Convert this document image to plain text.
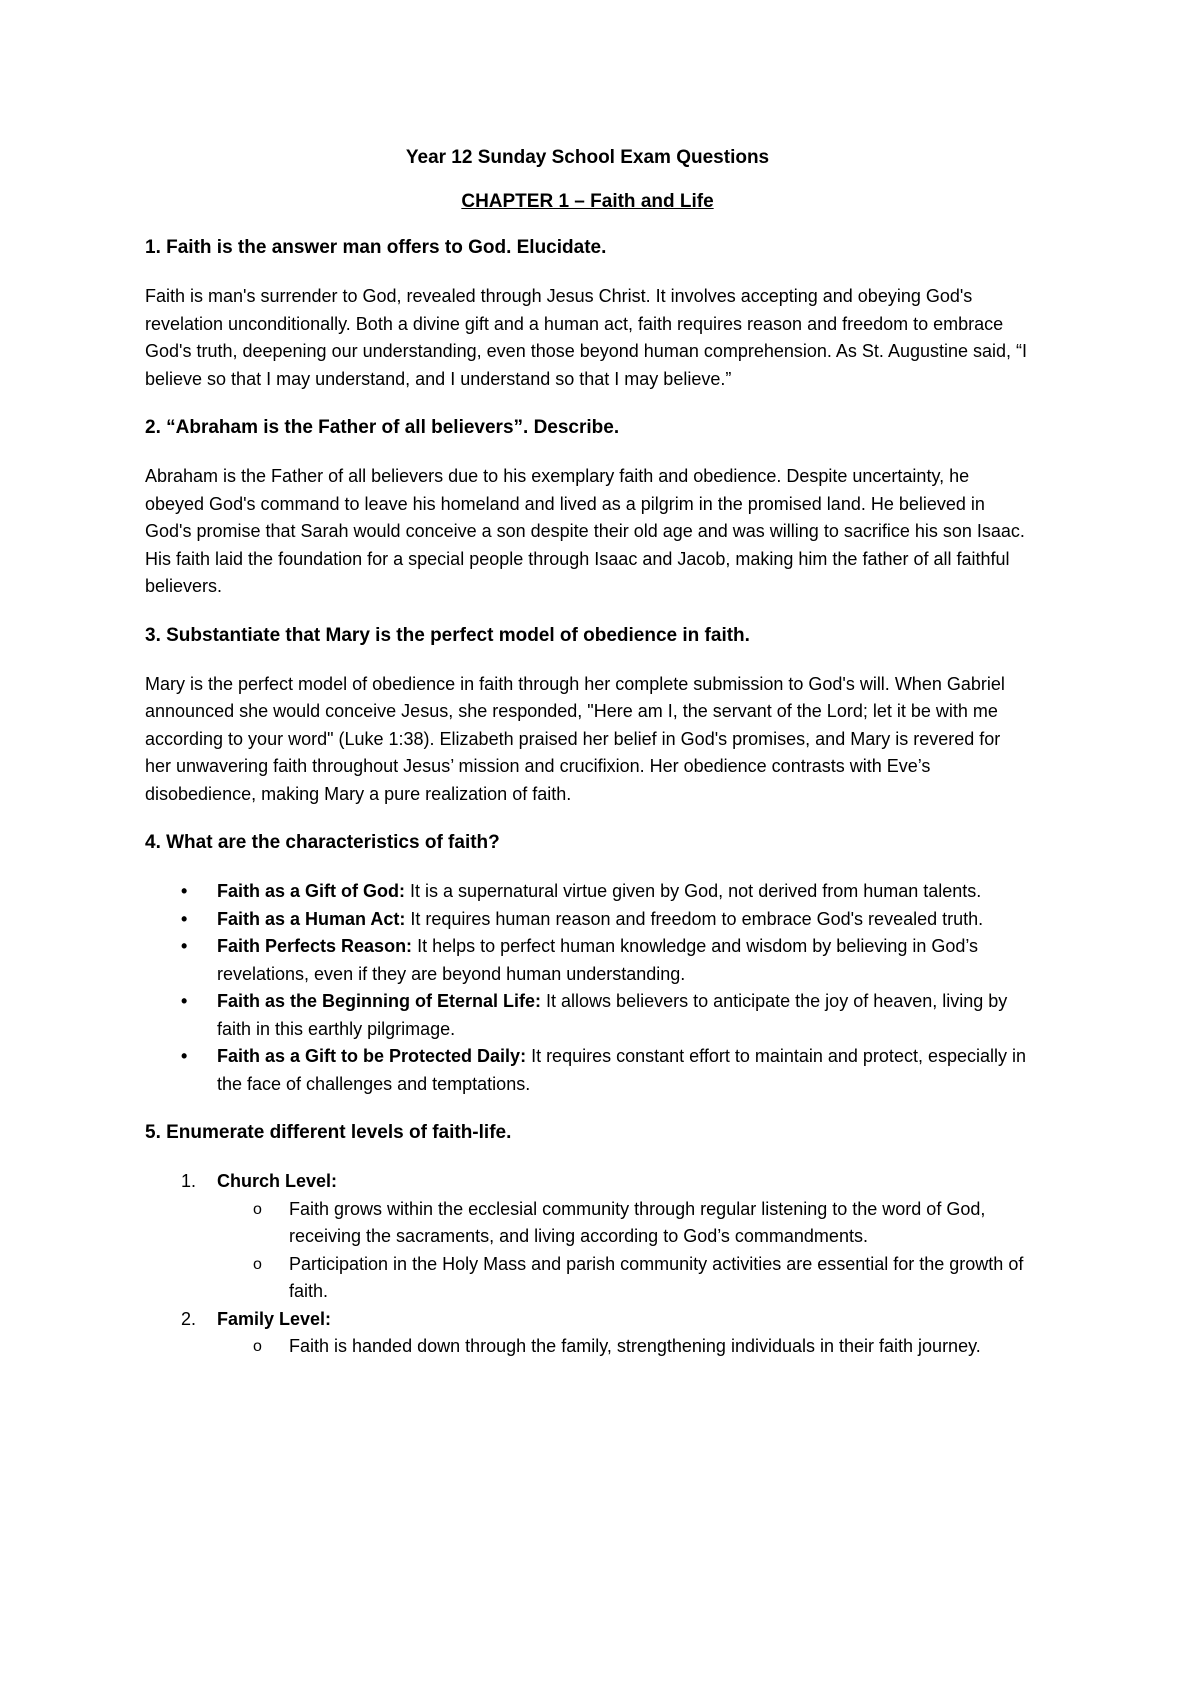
Year 12 Sunday School Exam Questions
CHAPTER 1 – Faith and Life
1. Faith is the answer man offers to God. Elucidate.
Faith is man's surrender to God, revealed through Jesus Christ. It involves accepting and obeying God's revelation unconditionally. Both a divine gift and a human act, faith requires reason and freedom to embrace God's truth, deepening our understanding, even those beyond human comprehension. As St. Augustine said, “I believe so that I may understand, and I understand so that I may believe.”
2. “Abraham is the Father of all believers”. Describe.
Abraham is the Father of all believers due to his exemplary faith and obedience. Despite uncertainty, he obeyed God's command to leave his homeland and lived as a pilgrim in the promised land. He believed in God's promise that Sarah would conceive a son despite their old age and was willing to sacrifice his son Isaac. His faith laid the foundation for a special people through Isaac and Jacob, making him the father of all faithful believers.
3. Substantiate that Mary is the perfect model of obedience in faith.
Mary is the perfect model of obedience in faith through her complete submission to God's will. When Gabriel announced she would conceive Jesus, she responded, "Here am I, the servant of the Lord; let it be with me according to your word" (Luke 1:38). Elizabeth praised her belief in God's promises, and Mary is revered for her unwavering faith throughout Jesus’ mission and crucifixion. Her obedience contrasts with Eve’s disobedience, making Mary a pure realization of faith.
4. What are the characteristics of faith?
• Faith as a Gift of God: It is a supernatural virtue given by God, not derived from human talents.
• Faith as a Human Act: It requires human reason and freedom to embrace God's revealed truth.
• Faith Perfects Reason: It helps to perfect human knowledge and wisdom by believing in God’s revelations, even if they are beyond human understanding.
• Faith as the Beginning of Eternal Life: It allows believers to anticipate the joy of heaven, living by faith in this earthly pilgrimage.
• Faith as a Gift to be Protected Daily: It requires constant effort to maintain and protect, especially in the face of challenges and temptations.
5. Enumerate different levels of faith-life.
1. Church Level:
o Faith grows within the ecclesial community through regular listening to the word of God, receiving the sacraments, and living according to God’s commandments.
o Participation in the Holy Mass and parish community activities are essential for the growth of faith.
2. Family Level:
o Faith is handed down through the family, strengthening individuals in their faith journey.
